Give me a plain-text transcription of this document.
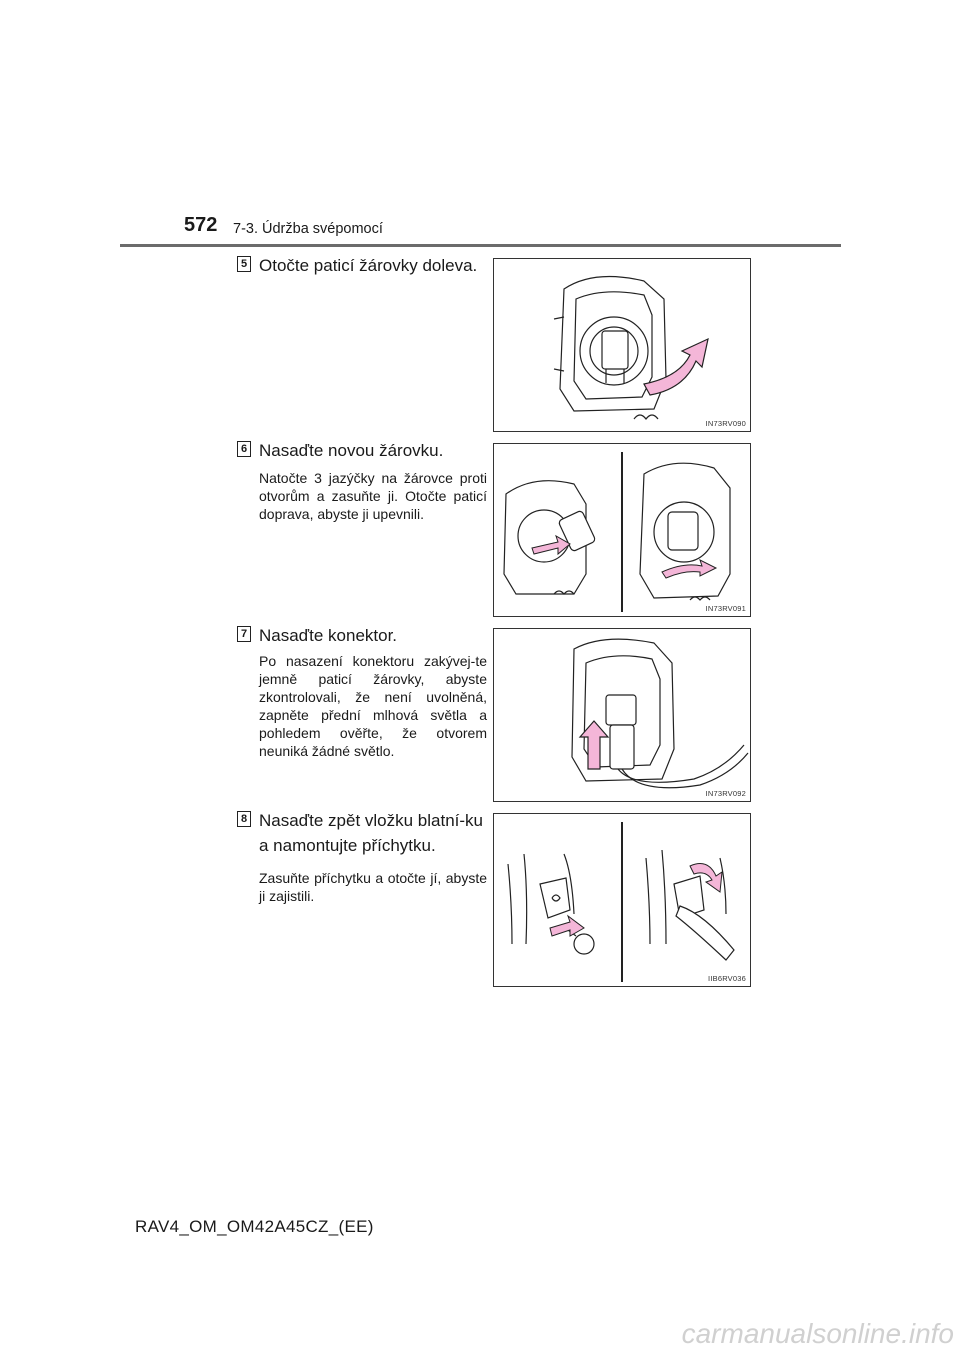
572 7-3. Údržba svépomocí
5 Otočte paticí žárovky doleva.
IN73RV090
6 Nasaďte novou žárovku.
Natočte 3 jazýčky na žárovce proti otvorům a zasuňte ji. Otočte paticí doprava, abyste ji upevnili.
IN73RV091
7 Nasaďte konektor.
Po nasazení konektoru zakývej-te jemně paticí žárovky, abyste zkontrolovali, že není uvolněná, zapněte přední mlhová světla a pohledem ověřte, že otvorem neuniká žádné světlo.
IN73RV092
8 Nasaďte zpět vložku blatní-ku a namontujte příchytku.
Zasuňte příchytku a otočte jí, abyste ji zajistili.
IIB6RV036
RAV4_OM_OM42A45CZ_(EE)
carmanualsonline.info
